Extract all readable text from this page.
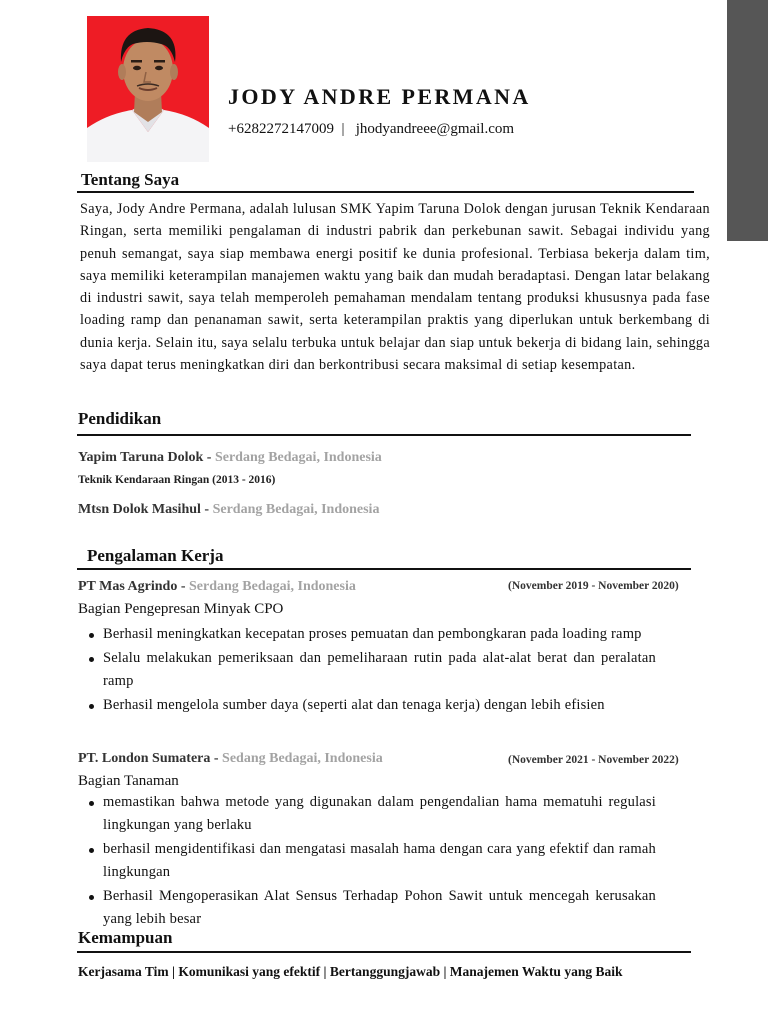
JODY ANDRE PERMANA
+6282272147009  |   jhodyandreee@gmail.com
Tentang Saya
Saya, Jody Andre Permana, adalah lulusan SMK Yapim Taruna Dolok dengan jurusan Teknik Kendaraan Ringan, serta memiliki pengalaman di industri pabrik dan perkebunan sawit. Sebagai individu yang penuh semangat, saya siap membawa energi positif ke dunia profesional. Terbiasa bekerja dalam tim, saya memiliki keterampilan manajemen waktu yang baik dan mudah beradaptasi. Dengan latar belakang di industri sawit, saya telah memperoleh pemahaman mendalam tentang produksi khususnya pada fase loading ramp dan penanaman sawit, serta keterampilan praktis yang diperlukan untuk berkembang di dunia kerja. Selain itu, saya selalu terbuka untuk belajar dan siap untuk bekerja di bidang lain, sehingga saya dapat terus meningkatkan diri dan berkontribusi secara maksimal di setiap kesempatan.
Pendidikan
Yapim Taruna Dolok - Serdang Bedagai, Indonesia
Teknik Kendaraan Ringan (2013 - 2016)
Mtsn Dolok Masihul - Serdang Bedagai, Indonesia
Pengalaman Kerja
PT Mas Agrindo - Serdang Bedagai, Indonesia	(November 2019 - November 2020)
Bagian Pengepresan Minyak CPO
Berhasil meningkatkan kecepatan proses pemuatan dan pembongkaran pada loading ramp
Selalu melakukan pemeriksaan dan pemeliharaan rutin pada alat-alat berat dan peralatan ramp
Berhasil mengelola sumber daya (seperti alat dan tenaga kerja) dengan lebih efisien
PT. London Sumatera - Sedang Bedagai, Indonesia	(November 2021 - November 2022)
Bagian Tanaman
memastikan bahwa metode yang digunakan dalam pengendalian hama mematuhi regulasi lingkungan yang berlaku
berhasil mengidentifikasi dan mengatasi masalah hama dengan cara yang efektif dan ramah lingkungan
Berhasil Mengoperasikan Alat Sensus Terhadap Pohon Sawit untuk mencegah kerusakan yang lebih besar
Kemampuan
Kerjasama Tim | Komunikasi yang efektif | Bertanggungjawab | Manajemen Waktu yang Baik
